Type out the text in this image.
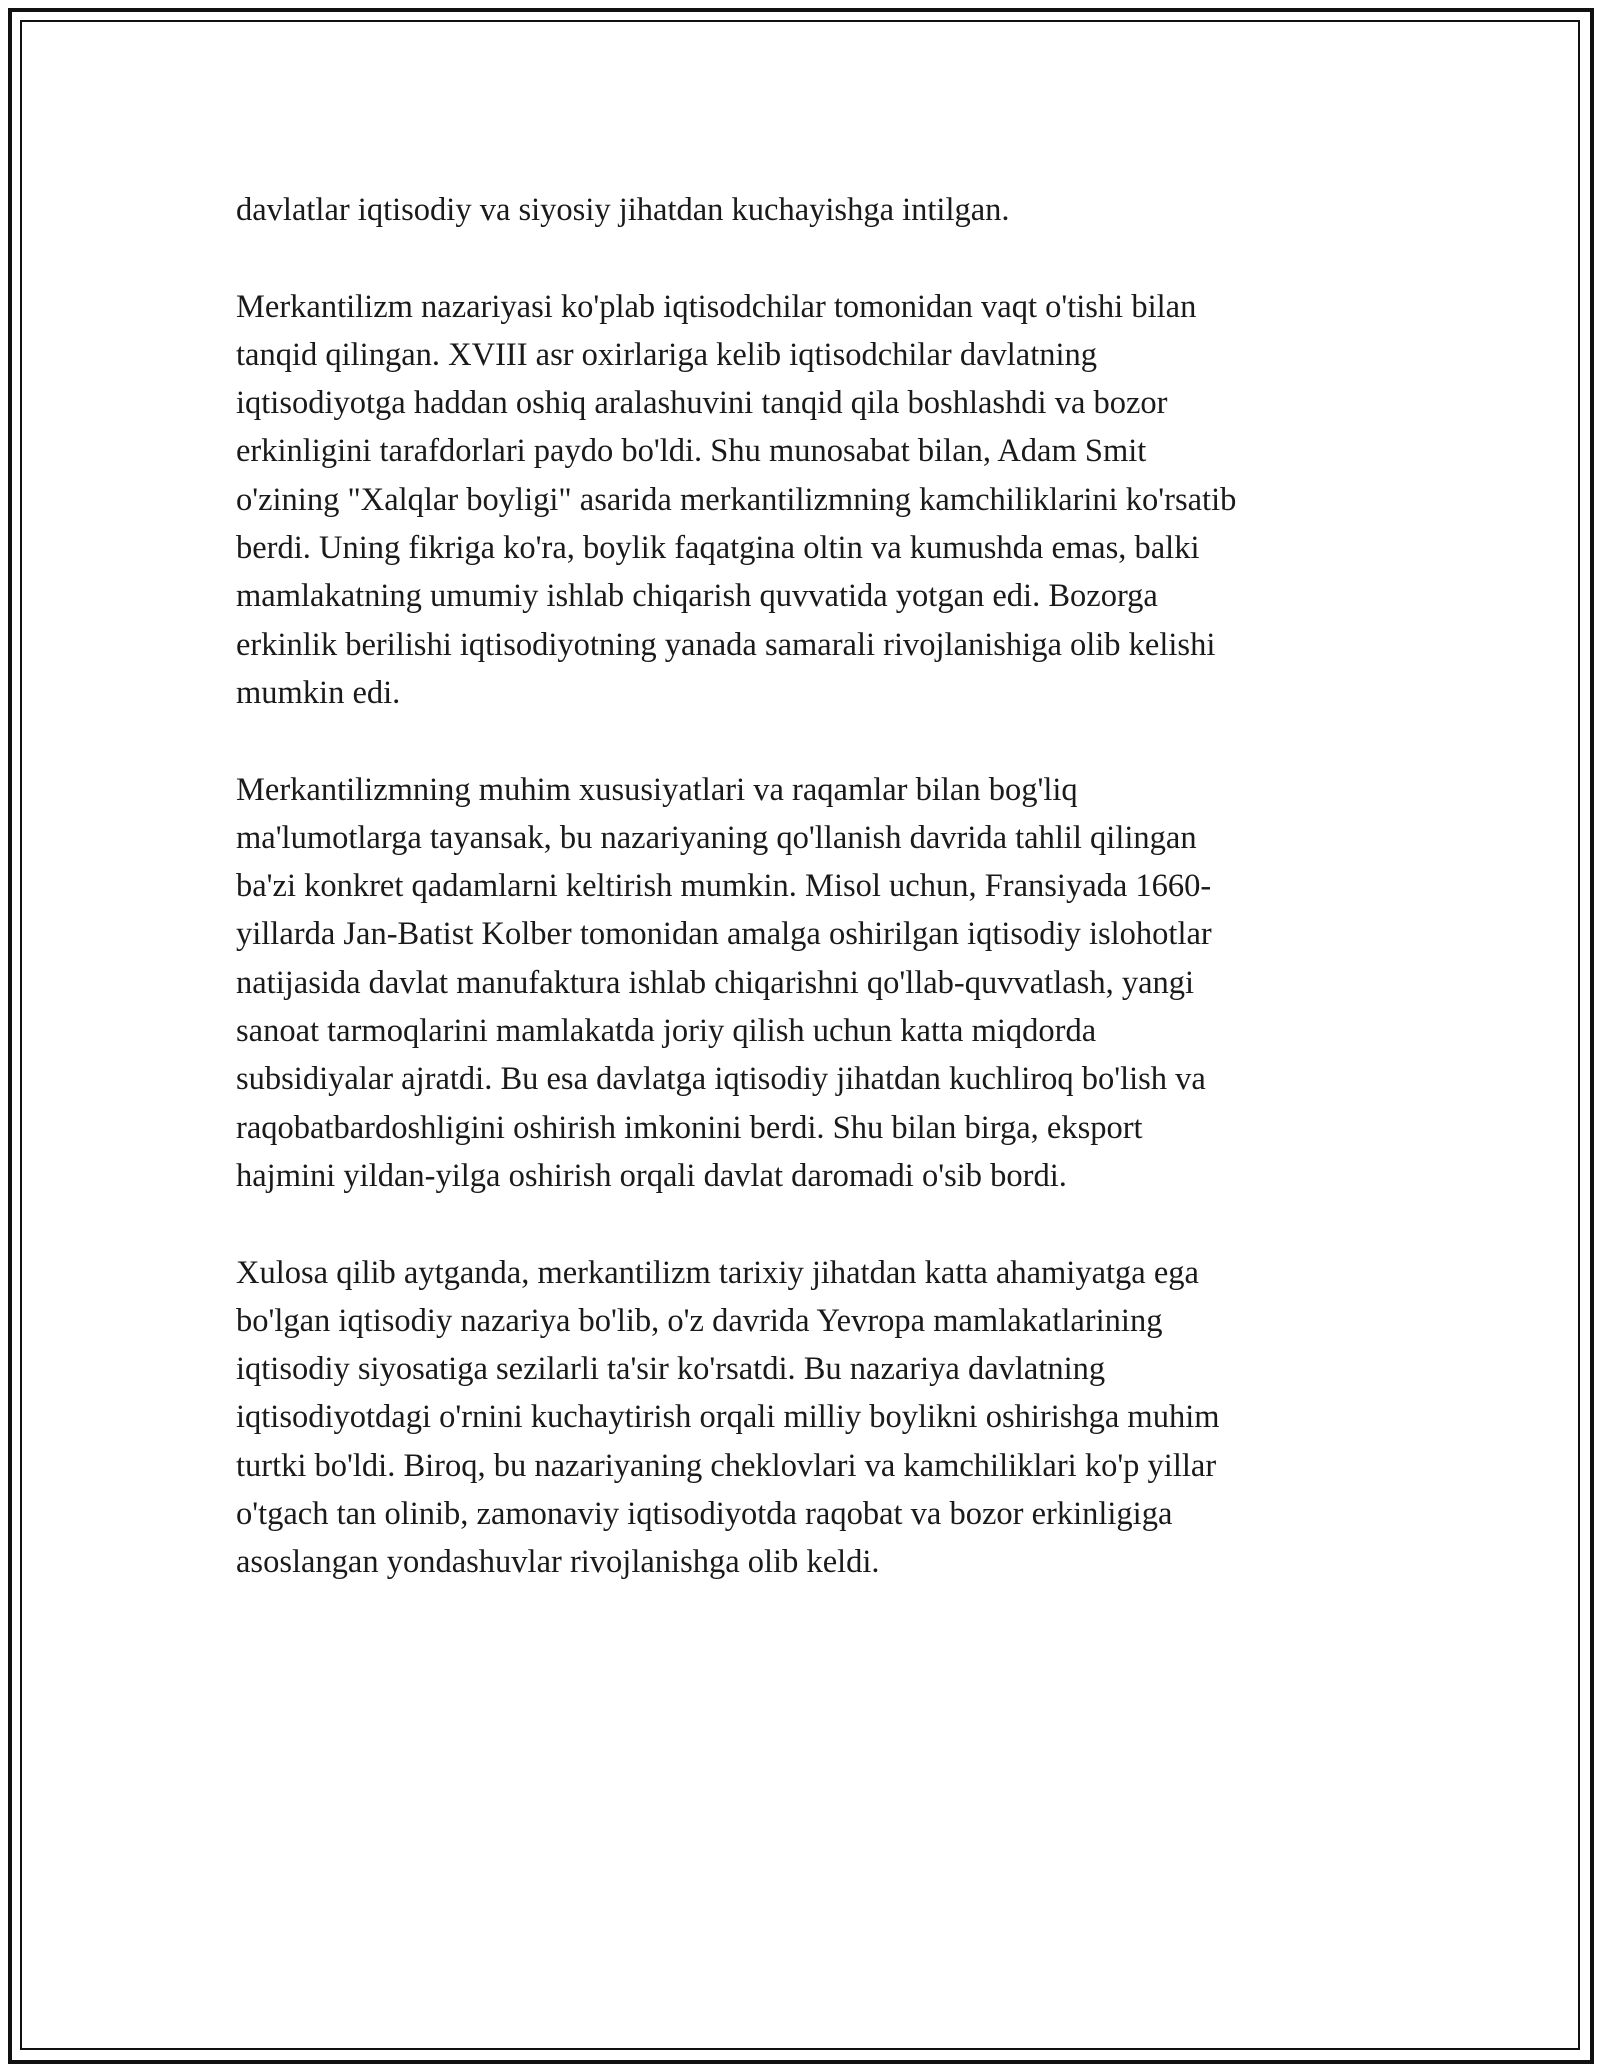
davlatlar iqtisodiy va siyosiy jihatdan kuchayishga intilgan.

Merkantilizm nazariyasi ko'plab iqtisodchilar tomonidan vaqt o'tishi bilan
tanqid qilingan. XVIII asr oxirlariga kelib iqtisodchilar davlatning
iqtisodiyotga haddan oshiq aralashuvini tanqid qila boshlashdi va bozor
erkinligini tarafdorlari paydo bo'ldi. Shu munosabat bilan, Adam Smit
o'zining "Xalqlar boyligi" asarida merkantilizmning kamchiliklarini ko'rsatib
berdi. Uning fikriga ko'ra, boylik faqatgina oltin va kumushda emas, balki
mamlakatning umumiy ishlab chiqarish quvvatida yotgan edi. Bozorga
erkinlik berilishi iqtisodiyotning yanada samarali rivojlanishiga olib kelishi
mumkin edi.

Merkantilizmning muhim xususiyatlari va raqamlar bilan bog'liq
ma'lumotlarga tayansak, bu nazariyaning qo'llanish davrida tahlil qilingan
ba'zi konkret qadamlarni keltirish mumkin. Misol uchun, Fransiyada 1660-
yillarda Jan-Batist Kolber tomonidan amalga oshirilgan iqtisodiy islohotlar
natijasida davlat manufaktura ishlab chiqarishni qo'llab-quvvatlash, yangi
sanoat tarmoqlarini mamlakatda joriy qilish uchun katta miqdorda
subsidiyalar ajratdi. Bu esa davlatga iqtisodiy jihatdan kuchliroq bo'lish va
raqobatbardoshligini oshirish imkonini berdi. Shu bilan birga, eksport
hajmini yildan-yilga oshirish orqali davlat daromadi o'sib bordi.

Xulosa qilib aytganda, merkantilizm tarixiy jihatdan katta ahamiyatga ega
bo'lgan iqtisodiy nazariya bo'lib, o'z davrida Yevropa mamlakatlarining
iqtisodiy siyosatiga sezilarli ta'sir ko'rsatdi. Bu nazariya davlatning
iqtisodiyotdagi o'rnini kuchaytirish orqali milliy boylikni oshirishga muhim
turtki bo'ldi. Biroq, bu nazariyaning cheklovlari va kamchiliklari ko'p yillar
o'tgach tan olinib, zamonaviy iqtisodiyotda raqobat va bozor erkinligiga
asoslangan yondashuvlar rivojlanishga olib keldi.
